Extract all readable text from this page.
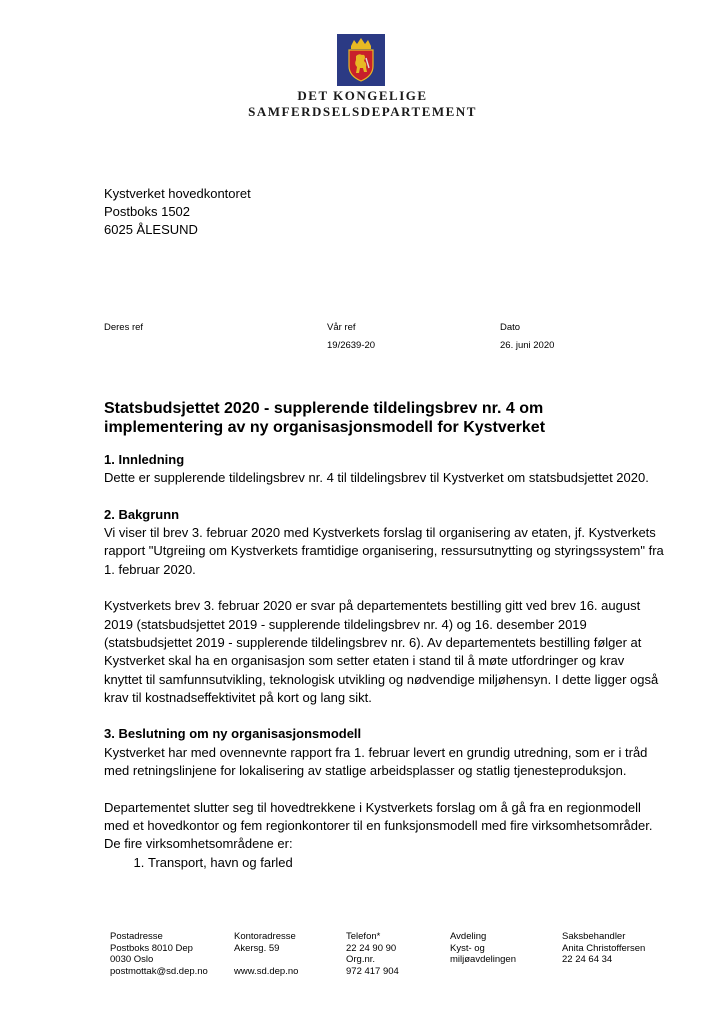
DET KONGELIGE
SAMFERDSELSDEPARTEMENT
Kystverket hovedkontoret
Postboks 1502
6025 ÅLESUND
Deres ref	Vår ref
19/2639-20
Dato
26. juni 2020
Statsbudsjettet 2020 - supplerende tildelingsbrev nr. 4 om implementering av ny organisasjonsmodell for Kystverket
1. Innledning

Dette er supplerende tildelingsbrev nr. 4 til tildelingsbrev til Kystverket om statsbudsjettet 2020.

2. Bakgrunn

Vi viser til brev 3. februar 2020 med Kystverkets forslag til organisering av etaten, jf. Kystverkets rapport "Utgreiing om Kystverkets framtidige organisering, ressursutnytting og styringssystem" fra 1. februar 2020.

Kystverkets brev 3. februar 2020 er svar på departementets bestilling gitt ved brev 16. august 2019 (statsbudsjettet 2019 - supplerende tildelingsbrev nr. 4) og 16. desember 2019 (statsbudsjettet 2019 - supplerende tildelingsbrev nr. 6). Av departementets bestilling følger at Kystverket skal ha en organisasjon som setter etaten i stand til å møte utfordringer og krav knyttet til samfunnsutvikling, teknologisk utvikling og nødvendige miljøhensyn. I dette ligger også krav til kostnadseffektivitet på kort og lang sikt.

3. Beslutning om ny organisasjonsmodell

Kystverket har med ovennevnte rapport fra 1. februar levert en grundig utredning, som er i tråd med retningslinjene for lokalisering av statlige arbeidsplasser og statlig tjenesteproduksjon.

Departementet slutter seg til hovedtrekkene i Kystverkets forslag om å gå fra en regionmodell med et hovedkontor og fem regionkontorer til en funksjonsmodell med fire virksomhetsområder. De fire virksomhetsområdene er:

1. Transport, havn og farled
Postadresse
Postboks 8010 Dep
0030 Oslo
postmottak@sd.dep.no
Kontoradresse
Akersg. 59

www.sd.dep.no
Telefon*
22 24 90 90
Org.nr.
972 417 904
Avdeling
Kyst- og
miljøavdelingen
Saksbehandler
Anita Christoffersen
22 24 64 34
